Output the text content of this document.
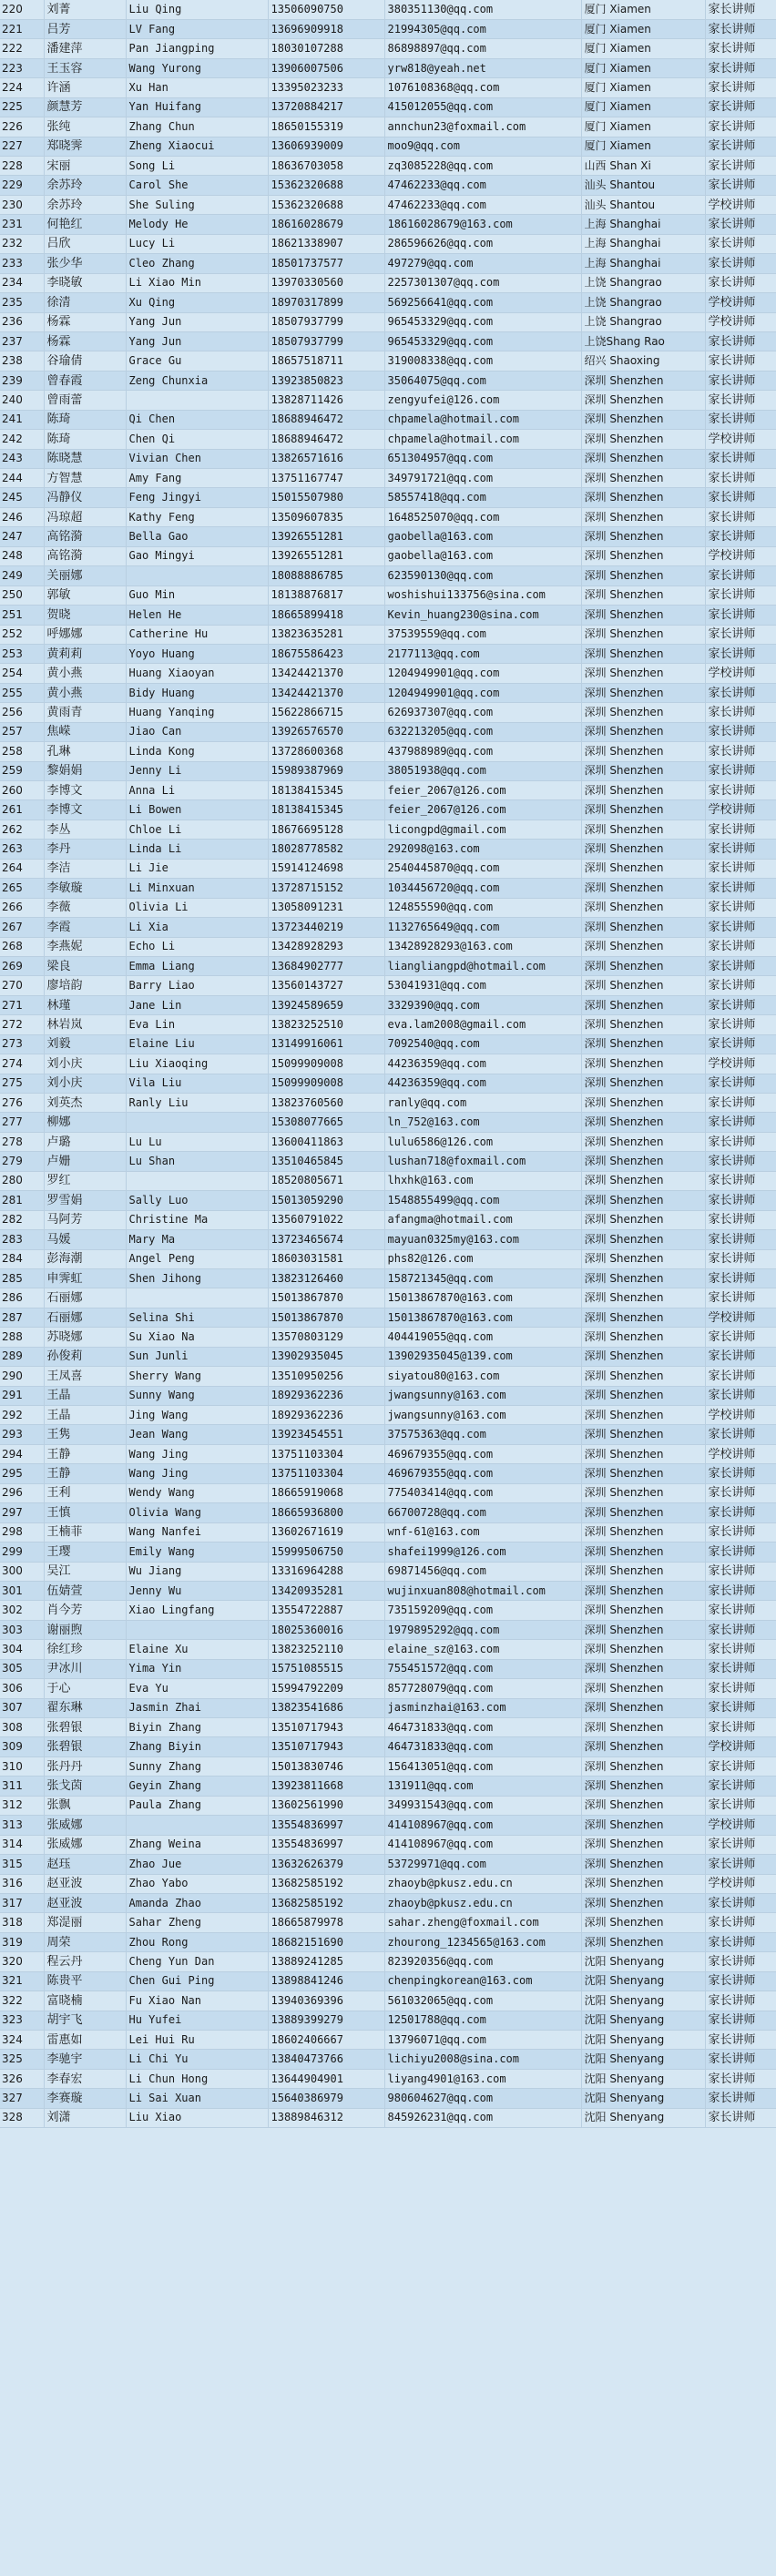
220	刘菁	Liu Qing	13506090750	380351130@qq.com	厦门 Xiamen	家长讲师
221	吕芳	LV Fang	13696909918	21994305@qq.com	厦门 Xiamen	家长讲师
222	潘建萍	Pan Jiangping	18030107288	86898897@qq.com	厦门 Xiamen	家长讲师
223	王玉容	Wang Yurong	13906007506	yrw818@yeah.net	厦门 Xiamen	家长讲师
224	许涵	Xu Han	13395023233	1076108368@qq.com	厦门 Xiamen	家长讲师
225	颜慧芳	Yan Huifang	13720884217	415012055@qq.com	厦门 Xiamen	家长讲师
226	张纯	Zhang Chun	18650155319	annchun23@foxmail.com	厦门 Xiamen	家长讲师
227	郑晓霁	Zheng Xiaocui	13606939009	moo9@qq.com	厦门 Xiamen	家长讲师
228	宋丽	Song Li	18636703058	zq3085228@qq.com	山西 Shan Xi	家长讲师
229	余苏玲	Carol She	15362320688	47462233@qq.com	汕头 Shantou	家长讲师
230	余苏玲	She Suling	15362320688	47462233@qq.com	汕头 Shantou	学校讲师
231	何艳红	Melody He	18616028679	18616028679@163.com	上海 Shanghai	家长讲师
232	吕欣	Lucy Li	18621338907	286596626@qq.com	上海 Shanghai	家长讲师
233	张少华	Cleo Zhang	18501737577	497279@qq.com	上海 Shanghai	家长讲师
234	李晓敏	Li Xiao Min	13970330560	2257301307@qq.com	上饶 Shangrao	家长讲师
235	徐清	Xu Qing	18970317899	569256641@qq.com	上饶 Shangrao	学校讲师
236	杨霖	Yang Jun	18507937799	965453329@qq.com	上饶 Shangrao	学校讲师
237	杨霖	Yang Jun	18507937799	965453329@qq.com	上饶Shang Rao	家长讲师
238	谷瑜倩	Grace Gu	18657518711	319008338@qq.com	绍兴 Shaoxing	家长讲师
239	曾春霞	Zeng Chunxia	13923850823	35064075@qq.com	深圳 Shenzhen	家长讲师
240	曾雨蕾		13828711426	zengyufei@126.com	深圳 Shenzhen	家长讲师
241	陈琦	Qi Chen	18688946472	chpamela@hotmail.com	深圳 Shenzhen	家长讲师
242	陈琦	Chen Qi	18688946472	chpamela@hotmail.com	深圳 Shenzhen	学校讲师
243	陈晓慧	Vivian Chen	13826571616	651304957@qq.com	深圳 Shenzhen	家长讲师
244	方智慧	Amy Fang	13751167747	349791721@qq.com	深圳 Shenzhen	家长讲师
245	冯静仪	Feng Jingyi	15015507980	58557418@qq.com	深圳 Shenzhen	家长讲师
246	冯琼超	Kathy Feng	13509607835	1648525070@qq.com	深圳 Shenzhen	家长讲师
247	高铭漪	Bella Gao	13926551281	gaobella@163.com	深圳 Shenzhen	家长讲师
248	高铭漪	Gao Mingyi	13926551281	gaobella@163.com	深圳 Shenzhen	学校讲师
249	关丽娜		18088886785	623590130@qq.com	深圳 Shenzhen	家长讲师
250	郭敏	Guo Min	18138876817	woshishui133756@sina.com	深圳 Shenzhen	家长讲师
251	贺晓	Helen He	18665899418	Kevin_huang230@sina.com	深圳 Shenzhen	家长讲师
252	呼娜娜	Catherine Hu	13823635281	37539559@qq.com	深圳 Shenzhen	家长讲师
253	黄莉莉	Yoyo Huang	18675586423	2177113@qq.com	深圳 Shenzhen	家长讲师
254	黄小燕	Huang Xiaoyan	13424421370	1204949901@qq.com	深圳 Shenzhen	学校讲师
255	黄小燕	Bidy Huang	13424421370	1204949901@qq.com	深圳 Shenzhen	家长讲师
256	黄雨青	Huang Yanqing	15622866715	626937307@qq.com	深圳 Shenzhen	家长讲师
257	焦嵘	Jiao Can	13926576570	632213205@qq.com	深圳 Shenzhen	家长讲师
258	孔琳	Linda Kong	13728600368	437988989@qq.com	深圳 Shenzhen	家长讲师
259	黎娟娟	Jenny Li	15989387969	38051938@qq.com	深圳 Shenzhen	家长讲师
260	李博文	Anna Li	18138415345	feier_2067@126.com	深圳 Shenzhen	家长讲师
261	李博文	Li Bowen	18138415345	feier_2067@126.com	深圳 Shenzhen	学校讲师
262	李丛	Chloe Li	18676695128	licongpd@gmail.com	深圳 Shenzhen	家长讲师
263	李丹	Linda Li	18028778582	292098@163.com	深圳 Shenzhen	家长讲师
264	李洁	Li Jie	15914124698	2540445870@qq.com	深圳 Shenzhen	家长讲师
265	李敏璇	Li Minxuan	13728715152	1034456720@qq.com	深圳 Shenzhen	家长讲师
266	李薇	Olivia Li	13058091231	124855590@qq.com	深圳 Shenzhen	家长讲师
267	李霞	Li Xia	13723440219	1132765649@qq.com	深圳 Shenzhen	家长讲师
268	李燕妮	Echo Li	13428928293	13428928293@163.com	深圳 Shenzhen	家长讲师
269	梁良	Emma Liang	13684902777	liangliangpd@hotmail.com	深圳 Shenzhen	家长讲师
270	廖培韵	Barry Liao	13560143727	53041931@qq.com	深圳 Shenzhen	家长讲师
271	林瑾	Jane Lin	13924589659	3329390@qq.com	深圳 Shenzhen	家长讲师
272	林岩岚	Eva Lin	13823252510	eva.lam2008@gmail.com	深圳 Shenzhen	家长讲师
273	刘毅	Elaine Liu	13149916061	7092540@qq.com	深圳 Shenzhen	家长讲师
274	刘小庆	Liu Xiaoqing	15099909008	44236359@qq.com	深圳 Shenzhen	学校讲师
275	刘小庆	Vila Liu	15099909008	44236359@qq.com	深圳 Shenzhen	家长讲师
276	刘英杰	Ranly Liu	13823760560	ranly@qq.com	深圳 Shenzhen	家长讲师
277	柳娜		15308077665	ln_752@163.com	深圳 Shenzhen	家长讲师
278	卢璐	Lu Lu	13600411863	lulu6586@126.com	深圳 Shenzhen	家长讲师
279	卢姗	Lu Shan	13510465845	lushan718@foxmail.com	深圳 Shenzhen	家长讲师
280	罗红		18520805671	lhxhk@163.com	深圳 Shenzhen	家长讲师
281	罗雪娟	Sally Luo	15013059290	1548855499@qq.com	深圳 Shenzhen	家长讲师
282	马阿芳	Christine Ma	13560791022	afangma@hotmail.com	深圳 Shenzhen	家长讲师
283	马媛	Mary Ma	13723465674	mayuan0325my@163.com	深圳 Shenzhen	家长讲师
284	彭海潮	Angel Peng	18603031581	phs82@126.com	深圳 Shenzhen	家长讲师
285	申霁虹	Shen Jihong	13823126460	158721345@qq.com	深圳 Shenzhen	家长讲师
286	石丽娜		15013867870	15013867870@163.com	深圳 Shenzhen	家长讲师
287	石丽娜	Selina Shi	15013867870	15013867870@163.com	深圳 Shenzhen	学校讲师
288	苏晓娜	Su Xiao Na	13570803129	404419055@qq.com	深圳 Shenzhen	家长讲师
289	孙俊莉	Sun Junli	13902935045	13902935045@139.com	深圳 Shenzhen	家长讲师
290	王凤喜	Sherry Wang	13510950256	siyatou80@163.com	深圳 Shenzhen	家长讲师
291	王晶	Sunny Wang	18929362236	jwangsunny@163.com	深圳 Shenzhen	家长讲师
292	王晶	Jing Wang	18929362236	jwangsunny@163.com	深圳 Shenzhen	学校讲师
293	王隽	Jean Wang	13923454551	37575363@qq.com	深圳 Shenzhen	家长讲师
294	王静	Wang Jing	13751103304	469679355@qq.com	深圳 Shenzhen	学校讲师
295	王静	Wang Jing	13751103304	469679355@qq.com	深圳 Shenzhen	家长讲师
296	王利	Wendy Wang	18665919068	775403414@qq.com	深圳 Shenzhen	家长讲师
297	王慎	Olivia Wang	18665936800	66700728@qq.com	深圳 Shenzhen	家长讲师
298	王楠菲	Wang Nanfei	13602671619	wnf-61@163.com	深圳 Shenzhen	家长讲师
299	王璎	Emily Wang	15999506750	shafei1999@126.com	深圳 Shenzhen	家长讲师
300	吴江	Wu Jiang	13316964288	69871456@qq.com	深圳 Shenzhen	家长讲师
301	伍婧萱	Jenny Wu	13420935281	wujinxuan808@hotmail.com	深圳 Shenzhen	家长讲师
302	肖今芳	Xiao Lingfang	13554722887	735159209@qq.com	深圳 Shenzhen	家长讲师
303	谢丽煦		18025360016	1979895292@qq.com	深圳 Shenzhen	家长讲师
304	徐红珍	Elaine Xu	13823252110	elaine_sz@163.com	深圳 Shenzhen	家长讲师
305	尹冰川	Yima Yin	15751085515	755451572@qq.com	深圳 Shenzhen	家长讲师
306	于心	Eva Yu	15994792209	857728079@qq.com	深圳 Shenzhen	家长讲师
307	翟东琳	Jasmin Zhai	13823541686	jasminzhai@163.com	深圳 Shenzhen	家长讲师
308	张碧银	Biyin Zhang	13510717943	464731833@qq.com	深圳 Shenzhen	家长讲师
309	张碧银	Zhang Biyin	13510717943	464731833@qq.com	深圳 Shenzhen	学校讲师
310	张丹丹	Sunny Zhang	15013830746	156413051@qq.com	深圳 Shenzhen	家长讲师
311	张戈茵	Geyin Zhang	13923811668	131911@qq.com	深圳 Shenzhen	家长讲师
312	张飘	Paula Zhang	13602561990	349931543@qq.com	深圳 Shenzhen	家长讲师
313	张威娜		13554836997	414108967@qq.com	深圳 Shenzhen	学校讲师
314	张威娜	Zhang Weina	13554836997	414108967@qq.com	深圳 Shenzhen	家长讲师
315	赵珏	Zhao Jue	13632626379	53729971@qq.com	深圳 Shenzhen	家长讲师
316	赵亚波	Zhao Yabo	13682585192	zhaoyb@pkusz.edu.cn	深圳 Shenzhen	学校讲师
317	赵亚波	Amanda Zhao	13682585192	zhaoyb@pkusz.edu.cn	深圳 Shenzhen	家长讲师
318	郑湜丽	Sahar Zheng	18665879978	sahar.zheng@foxmail.com	深圳 Shenzhen	家长讲师
319	周荣	Zhou Rong	18682151690	zhourong_1234565@163.com	深圳 Shenzhen	家长讲师
320	程云丹	Cheng Yun Dan	13889241285	823920356@qq.com	沈阳 Shenyang	家长讲师
321	陈贵平	Chen Gui Ping	13898841246	chenpingkorean@163.com	沈阳 Shenyang	家长讲师
322	富晓楠	Fu Xiao Nan	13940369396	561032065@qq.com	沈阳 Shenyang	家长讲师
323	胡宇飞	Hu Yufei	13889399279	12501788@qq.com	沈阳 Shenyang	家长讲师
324	雷惠如	Lei Hui Ru	18602406667	13796071@qq.com	沈阳 Shenyang	家长讲师
325	李驰宇	Li Chi Yu	13840473766	lichiyu2008@sina.com	沈阳 Shenyang	家长讲师
326	李春宏	Li Chun Hong	13644904901	liyang4901@163.com	沈阳 Shenyang	家长讲师
327	李赛璇	Li Sai Xuan	15640386979	980604627@qq.com	沈阳 Shenyang	家长讲师
328	刘潇	Liu Xiao	13889846312	845926231@qq.com	沈阳 Shenyang	家长讲师
